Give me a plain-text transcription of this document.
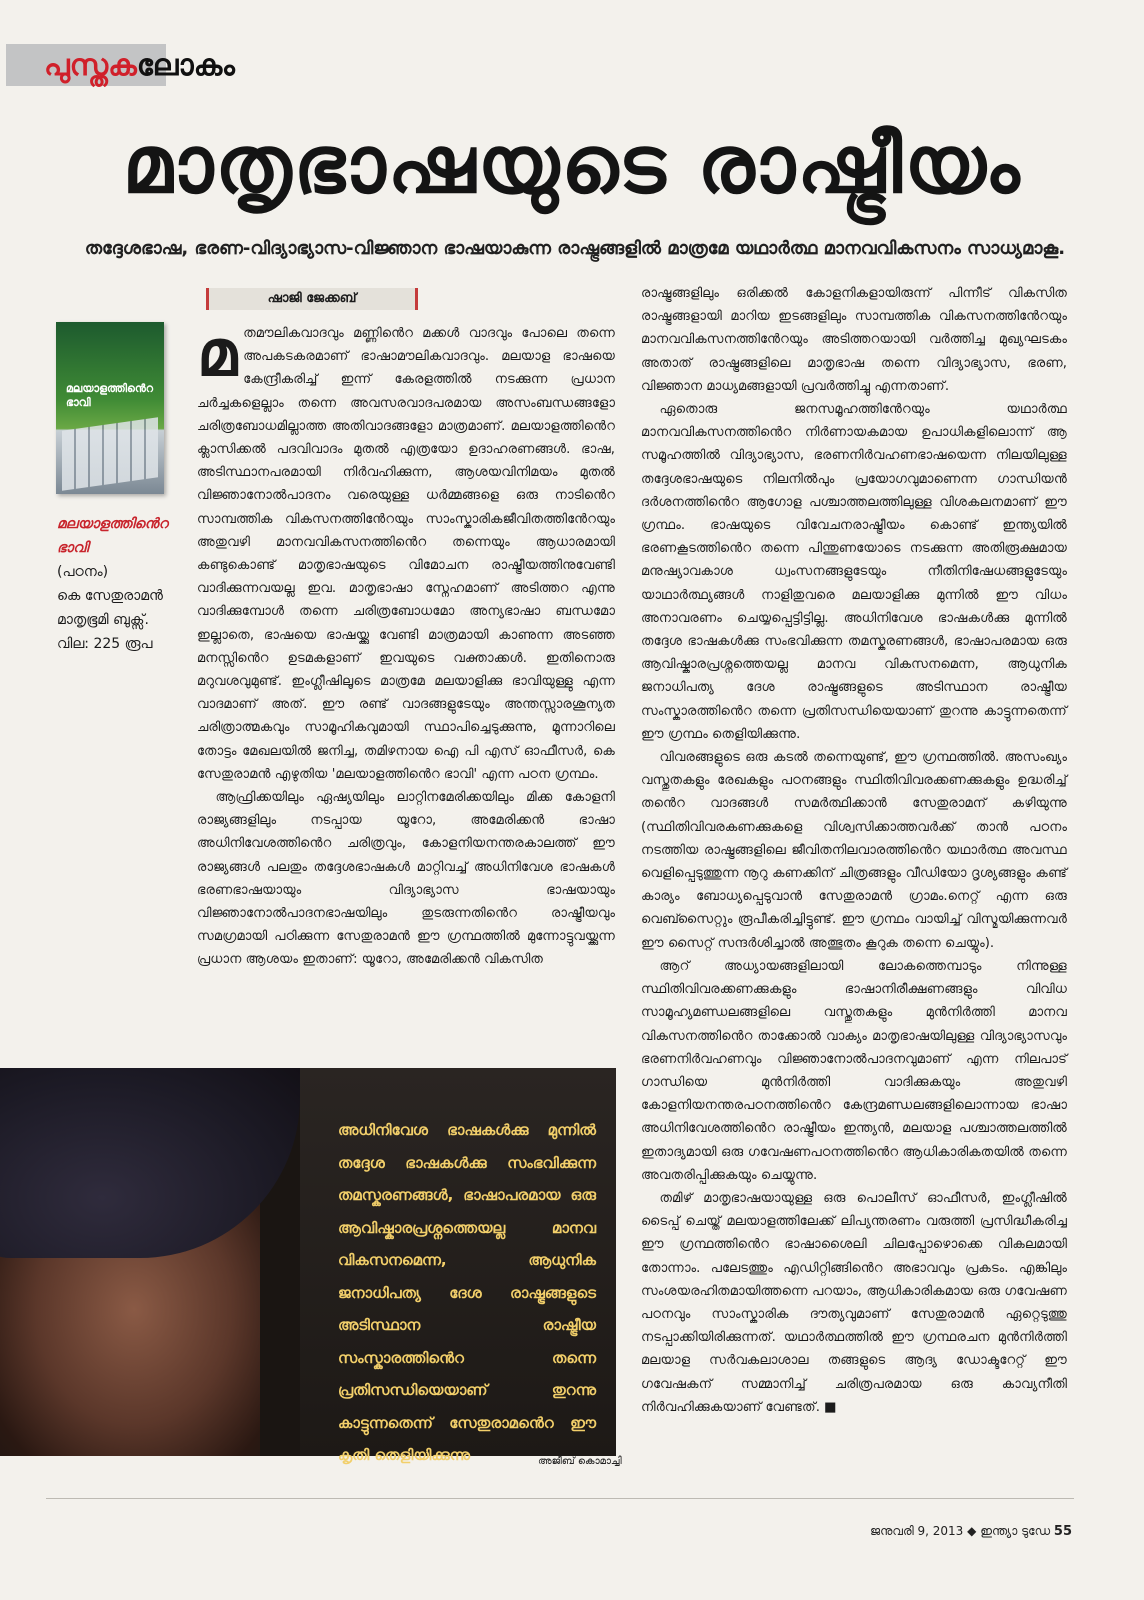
പുസ്തക ലോകം
മാതൃഭാഷയുടെ രാഷ്ട്രീയം
തദ്ദേശഭാഷ, ഭരണ-വിദ്യാഭ്യാസ-വിജ്ഞാന ഭാഷയാകുന്ന രാഷ്ട്രങ്ങളിൽ മാത്രമേ യഥാർത്ഥ മാനവവികസനം സാധ്യമാകൂ.
ഷാജി ജേക്കബ്
മലയാളത്തിൻെറ ഭാവി
മലയാളത്തിൻെറ ഭാവി
(പഠനം)
കെ സേതുരാമൻ
മാതൃഭൂമി ബുക്സ്.
വില: 225 രൂപ
മ തമൗലികവാദവും മണ്ണിൻെറ മക്കൾ വാദവും പോലെ തന്നെ അപകടകരമാണ് ഭാഷാമൗലികവാദവും. മലയാള ഭാഷയെ കേന്ദ്രീകരിച്ച് ഇന്ന് കേരളത്തിൽ നടക്കുന്ന പ്രധാന ചർച്ചകളെല്ലാം തന്നെ അവസരവാദപരമായ അസംബന്ധങ്ങളോ ചരിത്രബോധമില്ലാത്ത അതിവാദങ്ങളോ മാത്രമാണ്. മലയാളത്തിൻെറ ക്ലാസിക്കൽ പദവിവാദം മുതൽ എത്രയോ ഉദാഹരണങ്ങൾ. ഭാഷ, അടിസ്ഥാനപരമായി നിർവഹിക്കുന്ന, ആശയവിനിമയം മുതൽ വിജ്ഞാനോൽപാദനം വരെയുള്ള ധർമ്മങ്ങളെ ഒരു നാടിൻെറ സാമ്പത്തിക വികസനത്തിൻേറയും സാംസ്കാരികജീവിതത്തിൻേറയും അതുവഴി മാനവവികസനത്തിൻെറ തന്നെയും ആധാരമായി കണ്ടുകൊണ്ട് മാതൃഭാഷയുടെ വിമോചന രാഷ്ട്രീയത്തിനുവേണ്ടി വാദിക്കുന്നവയല്ല ഇവ. മാതൃഭാഷാ സ്നേഹമാണ് അടിത്തറ എന്നു വാദിക്കുമ്പോൾ തന്നെ ചരിത്രബോധമോ അന്യഭാഷാ ബന്ധമോ ഇല്ലാതെ, ഭാഷയെ ഭാഷയ്ക്കു വേണ്ടി മാത്രമായി കാണുന്ന അടഞ്ഞ മനസ്സിൻെറ ഉടമകളാണ് ഇവയുടെ വക്താക്കൾ. ഇതിനൊരു മറുവശവുമുണ്ട്. ഇംഗ്ലീഷിലൂടെ മാത്രമേ മലയാളിക്കു ഭാവിയുള്ളു എന്ന വാദമാണ് അത്. ഈ രണ്ട് വാദങ്ങളുടേയും അന്തസ്സാരശൂന്യത ചരിത്രാത്മകവും സാമൂഹികവുമായി സ്ഥാപിച്ചെടുക്കുന്നു, മൂന്നാറിലെ തോട്ടം മേഖലയിൽ ജനിച്ച, തമിഴനായ ഐ പി എസ് ഓഫീസർ, കെ സേതുരാമൻ എഴുതിയ 'മലയാളത്തിൻെറ ഭാവി' എന്ന പഠന ഗ്രന്ഥം.

ആഫ്രിക്കയിലും ഏഷ്യയിലും ലാറ്റിനമേരിക്കയിലും മിക്ക കോളനി രാജ്യങ്ങളിലും നടപ്പായ യൂറോ, അമേരിക്കൻ ഭാഷാ അധിനിവേശത്തിൻെറ ചരിത്രവും, കോളനിയനന്തരകാലത്ത് ഈ രാജ്യങ്ങൾ പലതും തദ്ദേശഭാഷകൾ മാറ്റിവച്ച് അധിനിവേശ ഭാഷകൾ ഭരണഭാഷയായും വിദ്യാഭ്യാസ ഭാഷയായും വിജ്ഞാനോൽപാദനഭാഷയിലും തുടരുന്നതിൻെറ രാഷ്ട്രീയവും സമഗ്രമായി പഠിക്കുന്ന സേതുരാമൻ ഈ ഗ്രന്ഥത്തിൽ മുന്നോട്ടുവയ്ക്കുന്ന പ്രധാന ആശയം ഇതാണ്: യൂറോ, അമേരിക്കൻ വികസിത

രാഷ്ട്രങ്ങളിലും ഒരിക്കൽ കോളനികളായിരുന്ന് പിന്നീട് വികസിത രാഷ്ട്രങ്ങളായി മാറിയ ഇടങ്ങളിലും സാമ്പത്തിക വികസനത്തിൻേറയും മാനവവികസനത്തിൻേറയും അടിത്തറയായി വർത്തിച്ച മുഖ്യഘടകം അതാത് രാഷ്ട്രങ്ങളിലെ മാതൃഭാഷ തന്നെ വിദ്യാഭ്യാസ, ഭരണ, വിജ്ഞാന മാധ്യമങ്ങളായി പ്രവർത്തിച്ചു എന്നതാണ്.

ഏതൊരു ജനസമൂഹത്തിൻേറയും യഥാർത്ഥ മാനവവികസനത്തിൻെറ നിർണായകമായ ഉപാധികളിലൊന്ന് ആ സമൂഹത്തിൽ വിദ്യാഭ്യാസ, ഭരണനിർവഹണഭാഷയെന്ന നിലയിലുള്ള തദ്ദേശഭാഷയുടെ നിലനിൽപും പ്രയോഗവുമാണെന്ന ഗാന്ധിയൻ ദർശനത്തിൻെറ ആഗോള പശ്ചാത്തലത്തിലുള്ള വിശകലനമാണ് ഈ ഗ്രന്ഥം. ഭാഷയുടെ വിവേചനരാഷ്ട്രീയം കൊണ്ട് ഇന്ത്യയിൽ ഭരണകൂടത്തിൻെറ തന്നെ പിന്തുണയോടെ നടക്കുന്ന അതിരൂക്ഷമായ മനുഷ്യാവകാശ ധ്വംസനങ്ങളുടേയും നീതിനിഷേധങ്ങളുടേയും യാഥാർത്ഥ്യങ്ങൾ നാളിതുവരെ മലയാളിക്കു മുന്നിൽ ഈ വിധം അനാവരണം ചെയ്യപ്പെട്ടിട്ടില്ല. അധിനിവേശ ഭാഷകൾക്കു മുന്നിൽ തദ്ദേശ ഭാഷകൾക്കു സംഭവിക്കുന്ന തമസ്കരണങ്ങൾ, ഭാഷാപരമായ ഒരു ആവിഷ്കാരപ്രശ്നത്തെയല്ല മാനവ വികസനമെന്ന, ആധുനിക ജനാധിപത്യ ദേശ രാഷ്ട്രങ്ങളുടെ അടിസ്ഥാന രാഷ്ട്രീയ സംസ്കാരത്തിൻെറ തന്നെ പ്രതിസന്ധിയെയാണ് തുറന്നു കാട്ടുന്നതെന്ന് ഈ ഗ്രന്ഥം തെളിയിക്കുന്നു.

വിവരങ്ങളുടെ ഒരു കടൽ തന്നെയുണ്ട്, ഈ ഗ്രന്ഥത്തിൽ. അസംഖ്യം വസ്തുതകളും രേഖകളും പഠനങ്ങളും സ്ഥിതിവിവരക്കണക്കുകളും ഉദ്ധരിച്ച് തൻെറ വാദങ്ങൾ സമർത്ഥിക്കാൻ സേതുരാമന് കഴിയുന്നു (സ്ഥിതിവിവരകണക്കുകളെ വിശ്വസിക്കാത്തവർക്ക് താൻ പഠനം നടത്തിയ രാഷ്ട്രങ്ങളിലെ ജീവിതനിലവാരത്തിൻെറ യഥാർത്ഥ അവസ്ഥ വെളിപ്പെടുത്തുന്ന നൂറു കണക്കിന് ചിത്രങ്ങളും വീഡിയോ ദൃശ്യങ്ങളും കണ്ട് കാര്യം ബോധ്യപ്പെടുവാൻ സേതുരാമൻ ഗ്രാമം.നെറ്റ് എന്ന ഒരു വെബ്സൈറ്റും രൂപീകരിച്ചിട്ടുണ്ട്. ഈ ഗ്രന്ഥം വായിച്ച് വിസ്മയിക്കുന്നവർ ഈ സൈറ്റ് സന്ദർശിച്ചാൽ അത്ഭുതം കൂറുക തന്നെ ചെയ്യും).

ആറ് അധ്യായങ്ങളിലായി ലോകത്തെമ്പാടും നിന്നുള്ള സ്ഥിതിവിവരക്കണക്കുകളും ഭാഷാനിരീക്ഷണങ്ങളും വിവിധ സാമൂഹ്യമണ്ഡലങ്ങളിലെ വസ്തുതകളും മുൻനിർത്തി മാനവ വികസനത്തിൻെറ താക്കോൽ വാക്യം മാതൃഭാഷയിലുള്ള വിദ്യാഭ്യാസവും ഭരണനിർവഹണവും വിജ്ഞാനോൽപാദനവുമാണ് എന്ന നിലപാട് ഗാന്ധിയെ മുൻനിർത്തി വാദിക്കുകയും അതുവഴി കോളനിയനന്തരപഠനത്തിൻെറ കേന്ദ്രമണ്ഡലങ്ങളിലൊന്നായ ഭാഷാ അധിനിവേശത്തിൻെറ രാഷ്ട്രീയം ഇന്ത്യൻ, മലയാള പശ്ചാത്തലത്തിൽ ഇതാദ്യമായി ഒരു ഗവേഷണപഠനത്തിൻെറ ആധികാരികതയിൽ തന്നെ അവതരിപ്പിക്കുകയും ചെയ്യുന്നു.

തമിഴ് മാതൃഭാഷയായുള്ള ഒരു പൊലീസ് ഓഫീസർ, ഇംഗ്ലീഷിൽ ടൈപ്പ് ചെയ്ത് മലയാളത്തിലേക്ക് ലിപ്യന്തരണം വരുത്തി പ്രസിദ്ധീകരിച്ച ഈ ഗ്രന്ഥത്തിൻെറ ഭാഷാശൈലി ചിലപ്പോഴൊക്കെ വികലമായി തോന്നാം. പലേടത്തും എഡിറ്റിങ്ങിൻെറ അഭാവവും പ്രകടം. എങ്കിലും സംശയരഹിതമായിത്തന്നെ പറയാം, ആധികാരികമായ ഒരു ഗവേഷണ പഠനവും സാംസ്കാരിക ദൗത്യവുമാണ് സേതുരാമൻ ഏറ്റെടുത്തു നടപ്പാക്കിയിരിക്കുന്നത്. യഥാർത്ഥത്തിൽ ഈ ഗ്രന്ഥരചന മുൻനിർത്തി മലയാള സർവകലാശാല തങ്ങളുടെ ആദ്യ ഡോക്ടറേറ്റ് ഈ ഗവേഷകന് സമ്മാനിച്ച് ചരിത്രപരമായ ഒരു കാവ്യനീതി നിർവഹിക്കുകയാണ് വേണ്ടത്. ■

അധിനിവേശ ഭാഷകൾക്കു മുന്നിൽ തദ്ദേശ ഭാഷകൾക്കു സംഭവിക്കുന്ന തമസ്കരണങ്ങൾ, ഭാഷാപരമായ ഒരു ആവിഷ്കാരപ്രശ്നത്തെയല്ല മാനവ വികസനമെന്ന, ആധുനിക ജനാധിപത്യ ദേശ രാഷ്ട്രങ്ങളുടെ അടിസ്ഥാന രാഷ്ട്രീയ സംസ്കാരത്തിൻെറ തന്നെ പ്രതിസന്ധിയെയാണ് തുറന്നു കാട്ടുന്നതെന്ന് സേതുരാമൻെറ ഈ കൃതി തെളിയിക്കുന്നു	അജീബ് കൊമാച്ചി
ജനുവരി 9, 2013 ◆ ഇന്ത്യാ ടുഡേ 55
